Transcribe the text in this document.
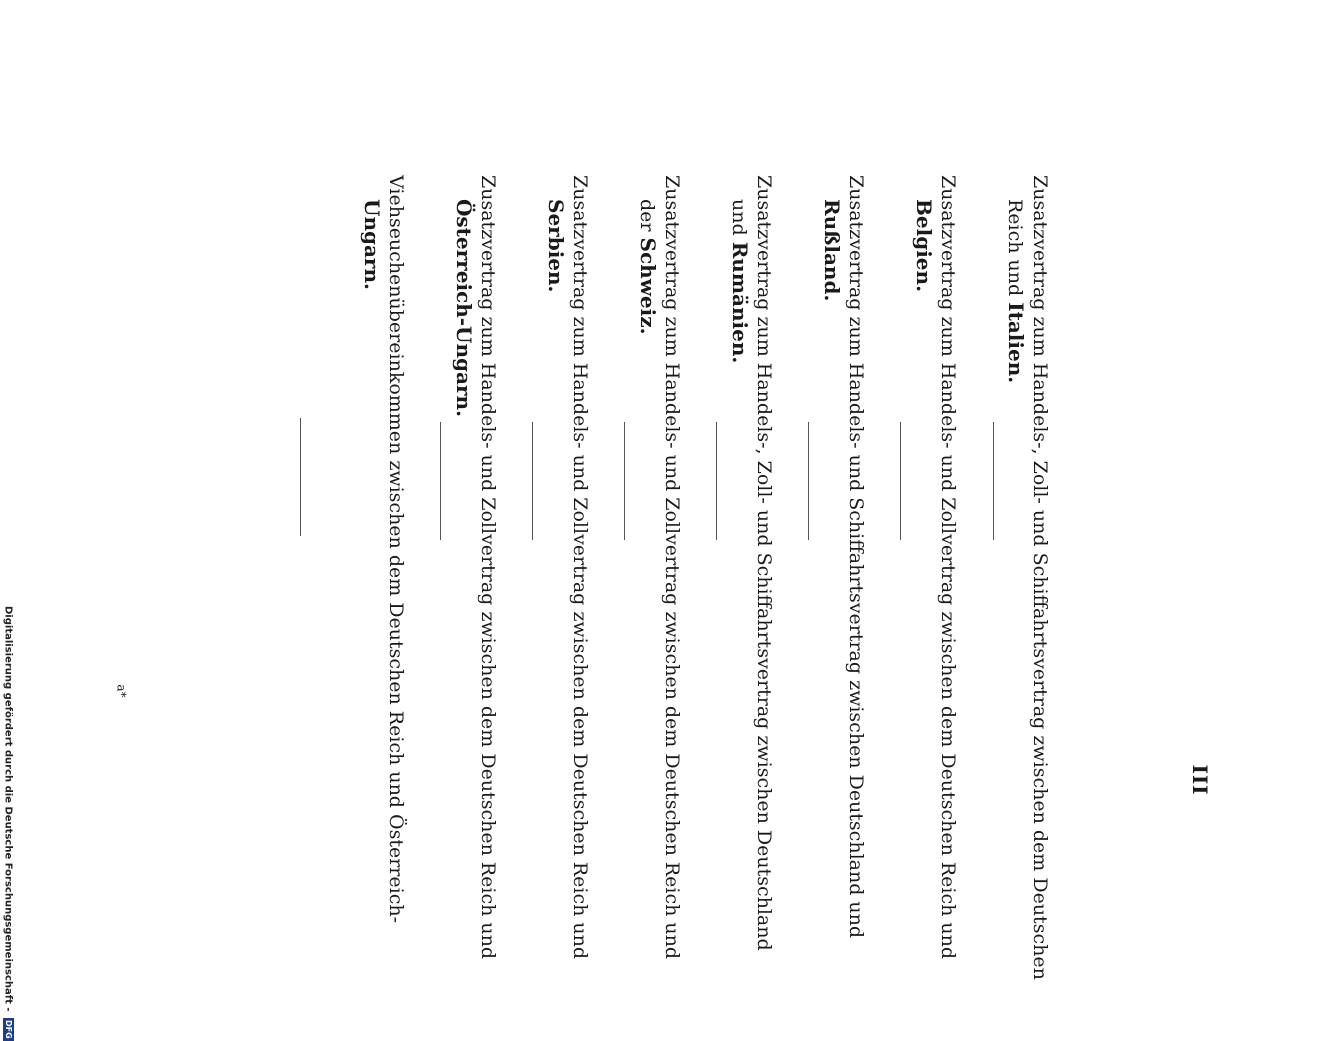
III
Zusatzvertrag zum Handels-, Zoll- und Schiffahrtsvertrag zwischen dem Deutschen
Reich und Italien.
Zusatzvertrag zum Handels- und Zollvertrag zwischen dem Deutschen Reich und
Belgien.
Zusatzvertrag zum Handels- und Schiffahrtsvertrag zwischen Deutschland und
Rußland.
Zusatzvertrag zum Handels-, Zoll- und Schiffahrtsvertrag zwischen Deutschland
und Rumänien.
Zusatzvertrag zum Handels- und Zollvertrag zwischen dem Deutschen Reich und
der Schweiz.
Zusatzvertrag zum Handels- und Zollvertrag zwischen dem Deutschen Reich und
Serbien.
Zusatzvertrag zum Handels- und Zollvertrag zwischen dem Deutschen Reich und
Österreich-Ungarn.
Viehseuchenübereinkommen zwischen dem Deutschen Reich und Österreich-
Ungarn.
a*
Digitalisierung gefördert durch die Deutsche Forschungsgemeinschaft - DFG
